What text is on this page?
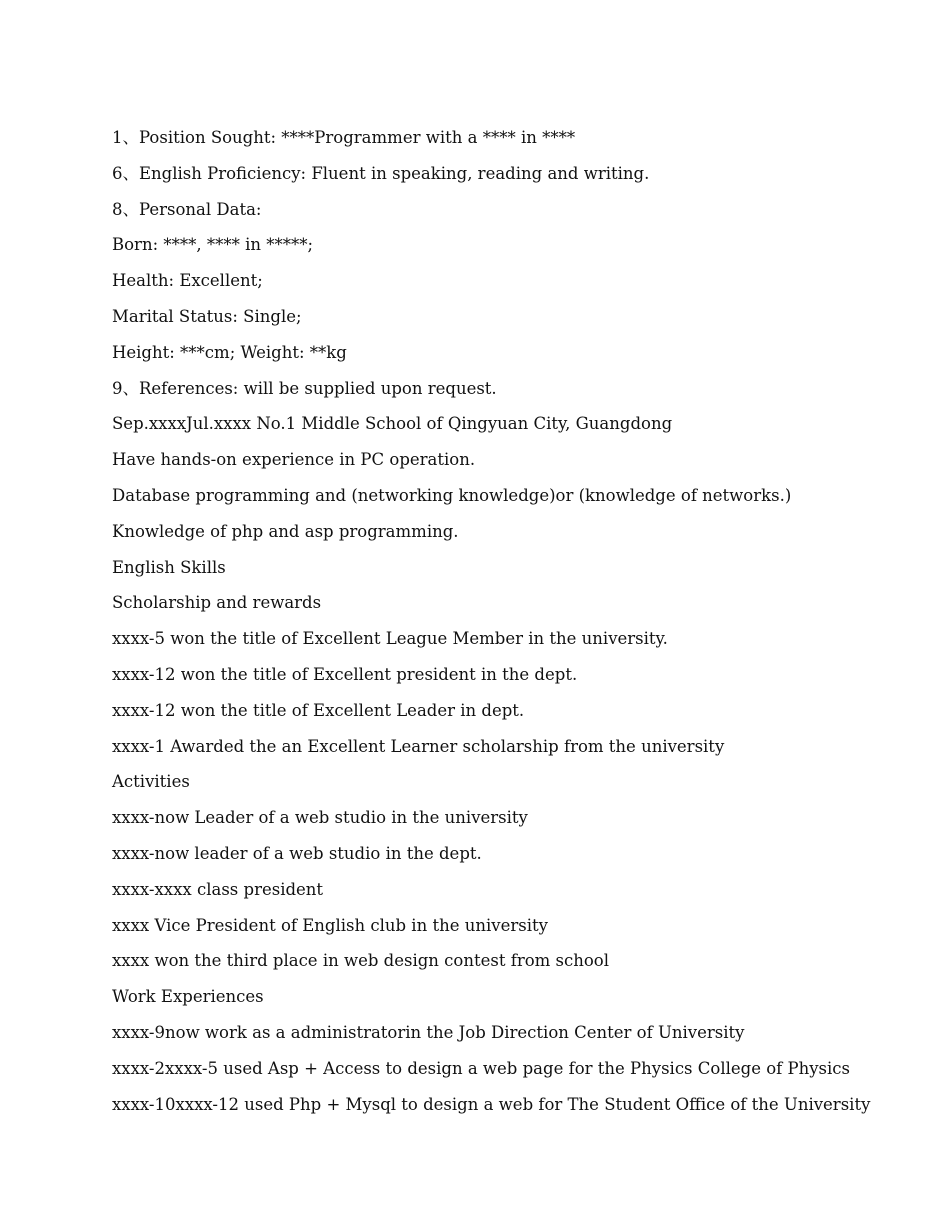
1、Position Sought: ****Programmer with a **** in ****
6、English Proficiency: Fluent in speaking, reading and writing.
8、Personal Data:
Born: ****, **** in *****;
Health: Excellent;
Marital Status: Single;
Height: ***cm; Weight: **kg
9、References: will be supplied upon request.
Sep.xxxxJul.xxxx No.1 Middle School of Qingyuan City, Guangdong
Have hands-on experience in PC operation.
Database programming and (networking knowledge)or (knowledge of networks.)
Knowledge of php and asp programming.
English Skills
Scholarship and rewards
xxxx-5 won the title of Excellent League Member in the university.
xxxx-12 won the title of Excellent president in the dept.
xxxx-12 won the title of Excellent Leader in dept.
xxxx-1 Awarded the an Excellent Learner scholarship from the university
Activities
xxxx-now Leader of a web studio in the university
xxxx-now leader of a web studio in the dept.
xxxx-xxxx class president
xxxx Vice President of English club in the university
xxxx won the third place in web design contest from school
Work Experiences
xxxx-9now work as a administratorin the Job Direction Center of University
xxxx-2xxxx-5 used Asp + Access to design a web page for the Physics College of Physics
xxxx-10xxxx-12 used Php + Mysql to design a web for The Student Office of the University
